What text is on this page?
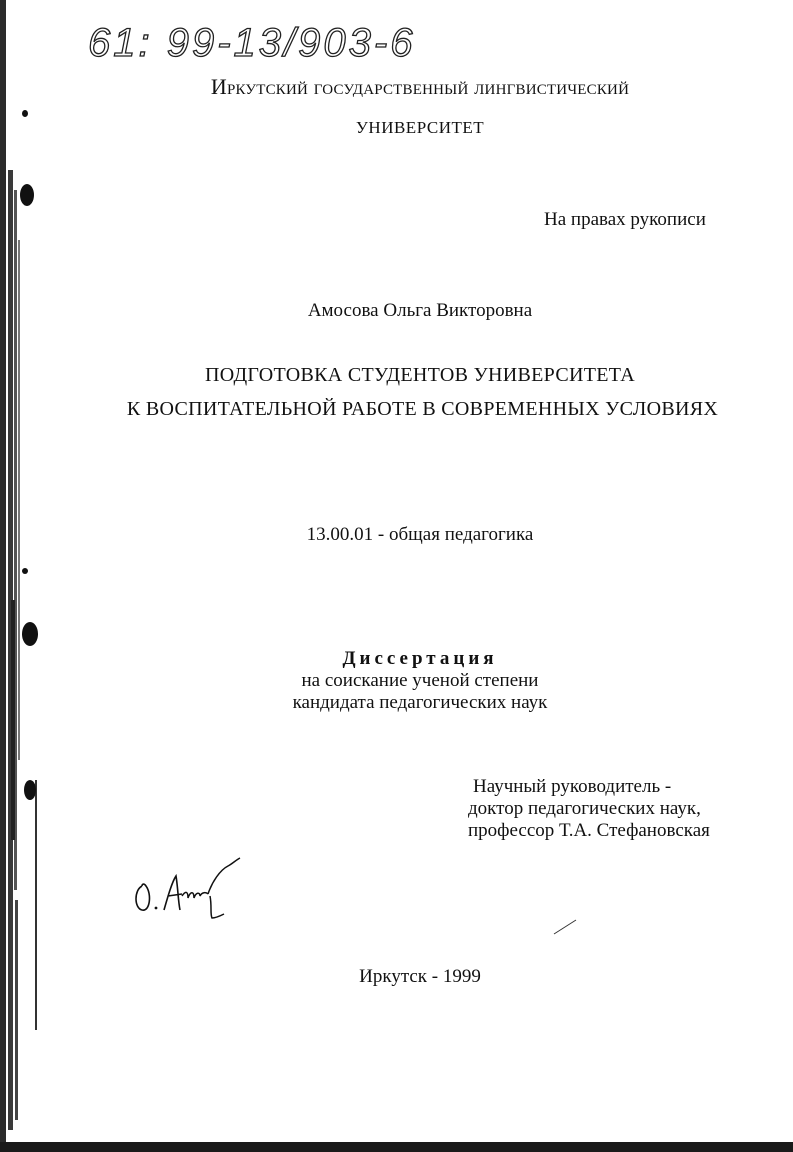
61: 99-13/903-6
Иркутский государственный лингвистический
УНИВЕРСИТЕТ
На правах рукописи
Амосова Ольга Викторовна
ПОДГОТОВКА СТУДЕНТОВ УНИВЕРСИТЕТА
К ВОСПИТАТЕЛЬНОЙ РАБОТЕ В СОВРЕМЕННЫХ УСЛОВИЯХ
13.00.01 - общая педагогика
Диссертация
на соискание ученой степени
кандидата педагогических наук
Научный руководитель -
доктор педагогических наук,
профессор Т.А. Стефановская
Иркутск - 1999
